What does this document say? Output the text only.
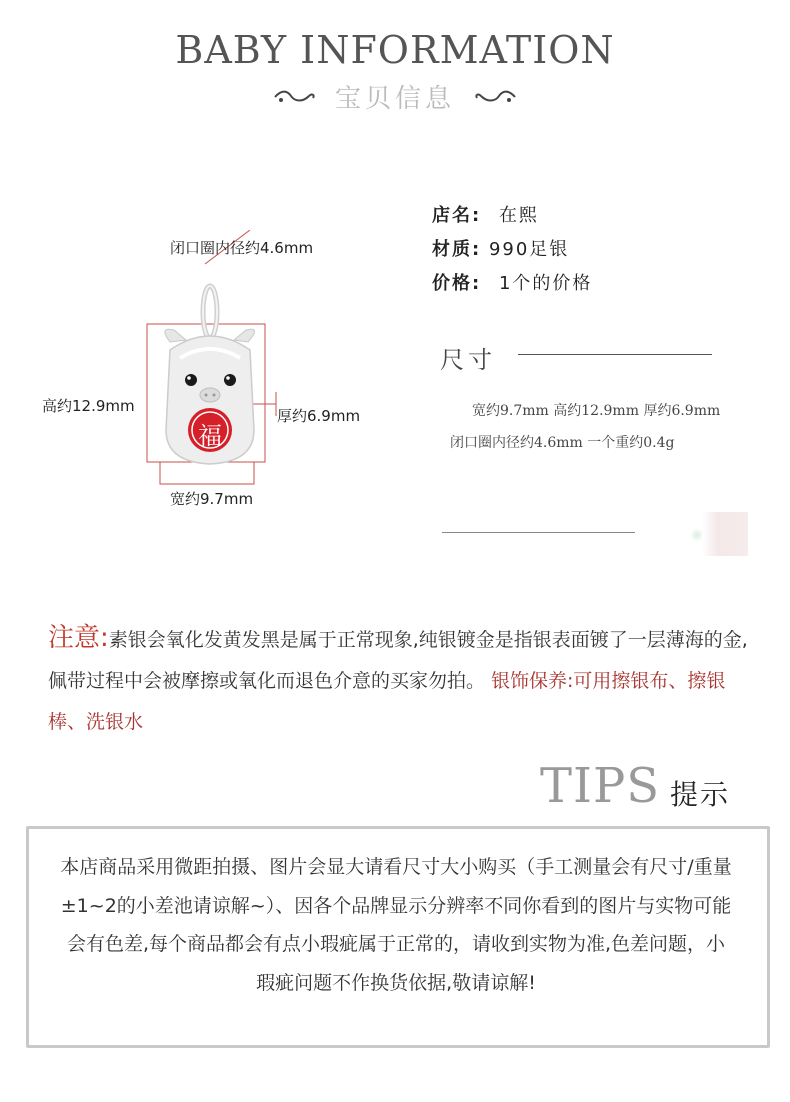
BABY INFORMATION
宝贝信息
福
闭口圈内径约4.6mm
高约12.9mm
厚约6.9mm
宽约9.7mm
店名: 在熙
材质: 990足银
价格: 1个的价格
尺寸
宽约9.7mm 高约12.9mm 厚约6.9mm 闭口圈内径约4.6mm 一个重约0.4g
注意:素银会氧化发黄发黑是属于正常现象,纯银镀金是指银表面镀了一层薄海的金,佩带过程中会被摩擦或氧化而退色介意的买家勿拍。 银饰保养:可用擦银布、擦银棒、洗银水
TIPS 提示
本店商品采用微距拍摄、图片会显大请看尺寸大小购买（手工测量会有尺寸/重量±1~2的小差池请谅解~）、因各个品牌显示分辨率不同你看到的图片与实物可能会有色差,每个商品都会有点小瑕疵属于正常的，请收到实物为准,色差问题，小瑕疵问题不作换货依据,敬请谅解!
